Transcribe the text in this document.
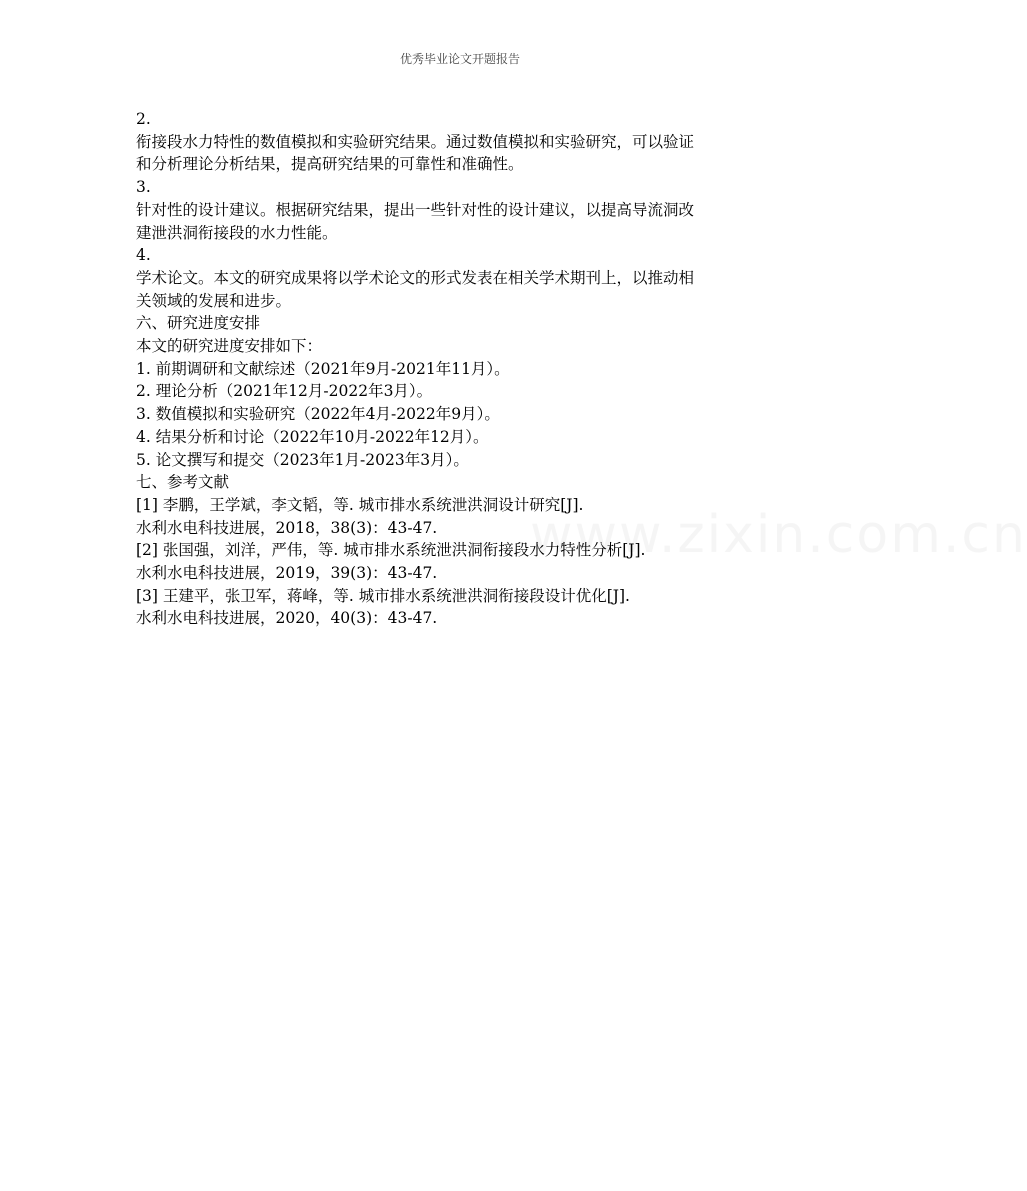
优秀毕业论文开题报告
www.zixin.com.cn
2.
衔接段水力特性的数值模拟和实验研究结果。通过数值模拟和实验研究，可以验证
和分析理论分析结果，提高研究结果的可靠性和准确性。
3.
针对性的设计建议。根据研究结果，提出一些针对性的设计建议，以提高导流洞改
建泄洪洞衔接段的水力性能。
4.
学术论文。本文的研究成果将以学术论文的形式发表在相关学术期刊上，以推动相
关领域的发展和进步。
六、研究进度安排
本文的研究进度安排如下：
1. 前期调研和文献综述（2021年9月-2021年11月）。
2. 理论分析（2021年12月-2022年3月）。
3. 数值模拟和实验研究（2022年4月-2022年9月）。
4. 结果分析和讨论（2022年10月-2022年12月）。
5. 论文撰写和提交（2023年1月-2023年3月）。
七、参考文献
[1] 李鹏，王学斌，李文韬，等. 城市排水系统泄洪洞设计研究[J].
水利水电科技进展，2018，38(3)：43-47.
[2] 张国强，刘洋，严伟，等. 城市排水系统泄洪洞衔接段水力特性分析[J].
水利水电科技进展，2019，39(3)：43-47.
[3] 王建平，张卫军，蒋峰，等. 城市排水系统泄洪洞衔接段设计优化[J].
水利水电科技进展，2020，40(3)：43-47.
